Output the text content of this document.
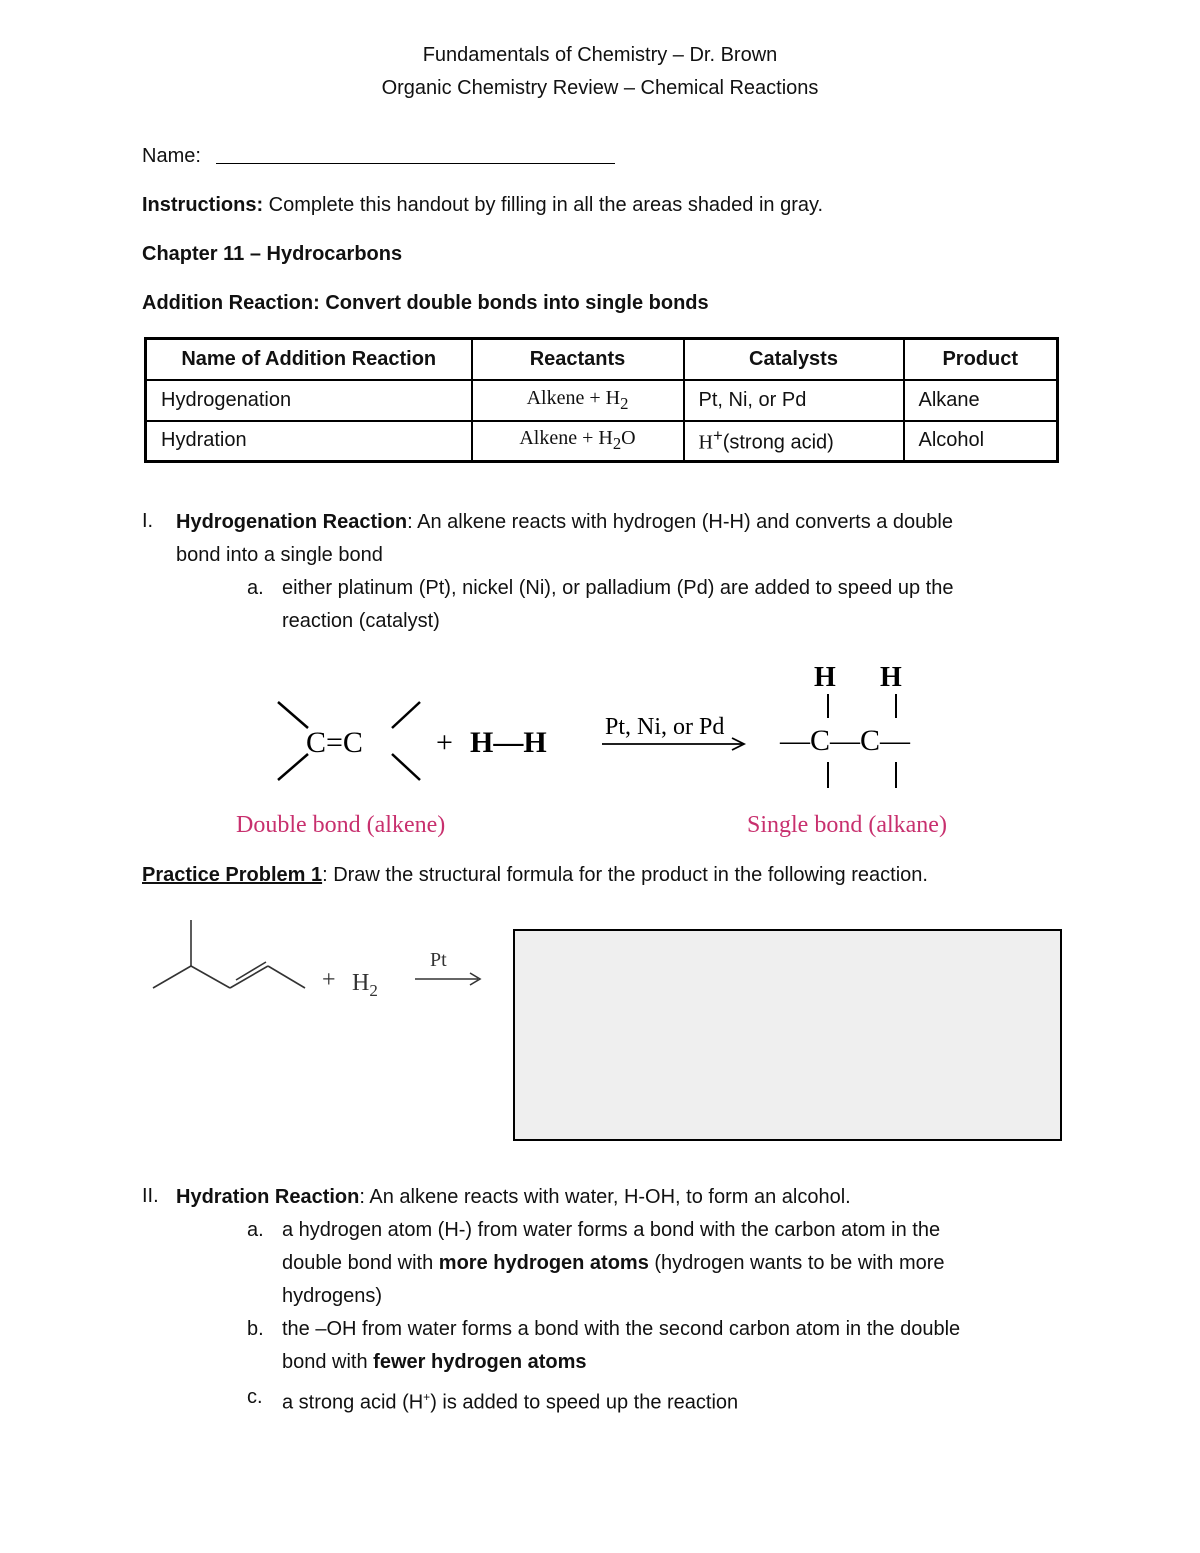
Fundamentals of Chemistry – Dr. Brown
Organic Chemistry Review – Chemical Reactions
Name:
Instructions: Complete this handout by filling in all the areas shaded in gray.
Chapter 11 – Hydrocarbons
Addition Reaction: Convert double bonds into single bonds
Name of Addition Reaction	Reactants	Catalysts	Product
Hydrogenation	Alkene + $H_2$	Pt, Ni, or Pd	Alkane
Hydration	Alkene + $H_2O$	H+(strong acid)	Alcohol
I. Hydrogenation Reaction: An alkene reacts with hydrogen (H-H) and converts a double
bond into a single bond
a. either platinum (Pt), nickel (Ni), or palladium (Pd) are added to speed up the
reaction (catalyst)
C=C + H—H Pt, Ni, or Pd
H H
—C—C—
Double bond (alkene)	Single bond (alkane)
Practice Problem 1: Draw the structural formula for the product in the following reaction.
+ $H_2$
Pt
II. Hydration Reaction: An alkene reacts with water, H-OH, to form an alcohol.
a. a hydrogen atom (H-) from water forms a bond with the carbon atom in the
double bond with more hydrogen atoms (hydrogen wants to be with more
hydrogens)
b. the –OH from water forms a bond with the second carbon atom in the double
bond with fewer hydrogen atoms
c. a strong acid (H+) is added to speed up the reaction
